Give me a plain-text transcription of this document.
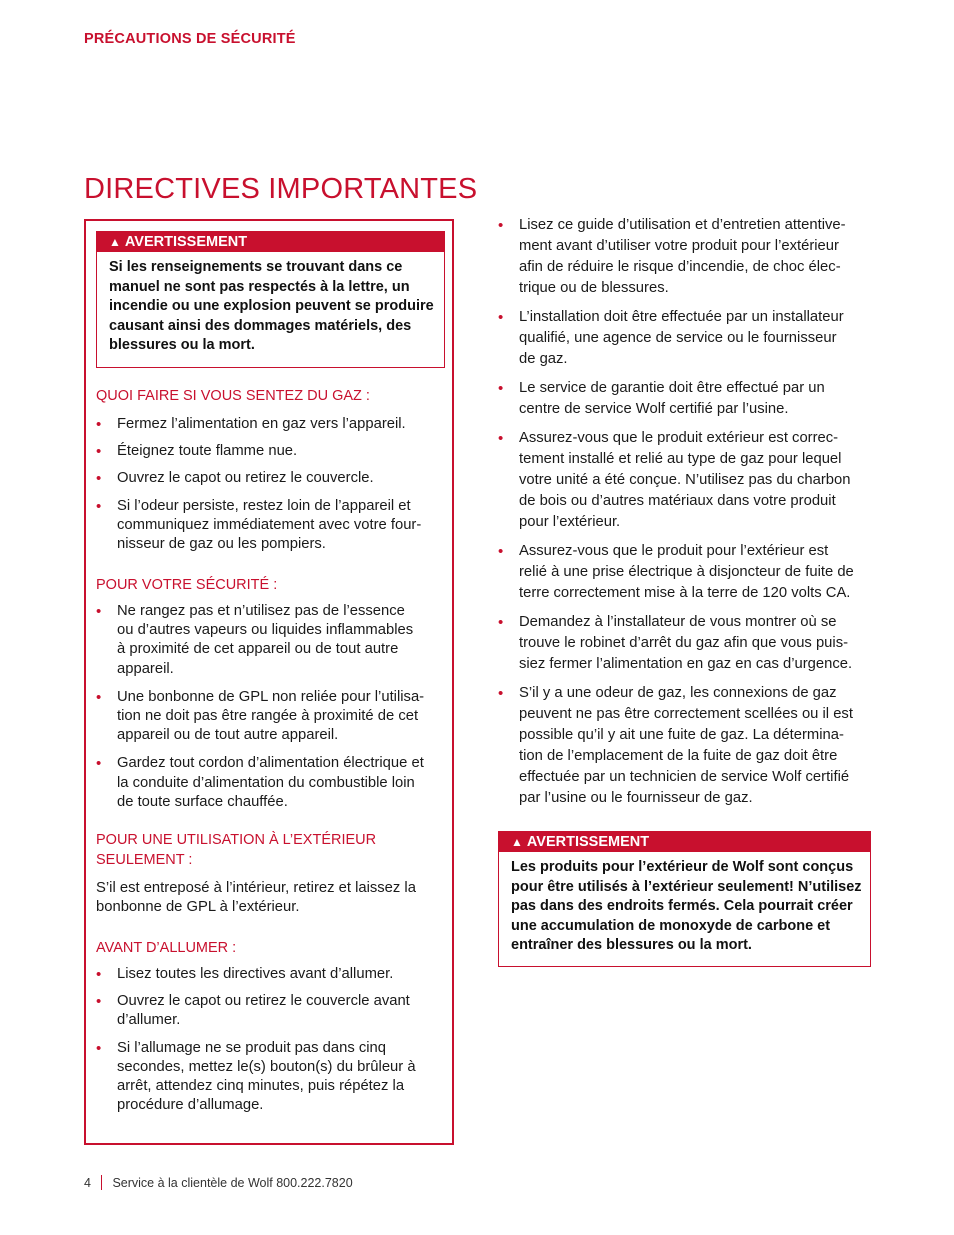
PRÉCAUTIONS DE SÉCURITÉ
DIRECTIVES IMPORTANTES
▲ AVERTISSEMENT
Si les renseignements se trouvant dans ce
manuel ne sont pas respectés à la lettre, un
incendie ou une explosion peuvent se produire
causant ainsi des dommages matériels, des
blessures ou la mort.
QUOI FAIRE SI VOUS SENTEZ DU GAZ :
• Fermez l’alimentation en gaz vers l’appareil.
• Éteignez toute flamme nue.
• Ouvrez le capot ou retirez le couvercle.
• Si l’odeur persiste, restez loin de l’appareil et
communiquez immédiatement avec votre four-
nisseur de gaz ou les pompiers.
POUR VOTRE SÉCURITÉ :
• Ne rangez pas et n’utilisez pas de l’essence
ou d’autres vapeurs ou liquides inflammables
à proximité de cet appareil ou de tout autre
appareil.
• Une bonbonne de GPL non reliée pour l’utilisa-
tion ne doit pas être rangée à proximité de cet
appareil ou de tout autre appareil.
• Gardez tout cordon d’alimentation électrique et
la conduite d’alimentation du combustible loin
de toute surface chauffée.
POUR UNE UTILISATION À L’EXTÉRIEUR
SEULEMENT :
S’il est entreposé à l’intérieur, retirez et laissez la
bonbonne de GPL à l’extérieur.
AVANT D’ALLUMER :
• Lisez toutes les directives avant d’allumer.
• Ouvrez le capot ou retirez le couvercle avant
d’allumer.
• Si l’allumage ne se produit pas dans cinq
secondes, mettez le(s) bouton(s) du brûleur à
arrêt, attendez cinq minutes, puis répétez la
procédure d’allumage.
• Lisez ce guide d’utilisation et d’entretien attentive-
ment avant d’utiliser votre produit pour l’extérieur
afin de réduire le risque d’incendie, de choc élec-
trique ou de blessures.
• L’installation doit être effectuée par un installateur
qualifié, une agence de service ou le fournisseur
de gaz.
• Le service de garantie doit être effectué par un
centre de service Wolf certifié par l’usine.
• Assurez-vous que le produit extérieur est correc-
tement installé et relié au type de gaz pour lequel
votre unité a été conçue. N’utilisez pas du charbon
de bois ou d’autres matériaux dans votre produit
pour l’extérieur.
• Assurez-vous que le produit pour l’extérieur est
relié à une prise électrique à disjoncteur de fuite de
terre correctement mise à la terre de 120 volts CA.
• Demandez à l’installateur de vous montrer où se
trouve le robinet d’arrêt du gaz afin que vous puis-
siez fermer l’alimentation en gaz en cas d’urgence.
• S’il y a une odeur de gaz, les connexions de gaz
peuvent ne pas être correctement scellées ou il est
possible qu’il y ait une fuite de gaz. La détermina-
tion de l’emplacement de la fuite de gaz doit être
effectuée par un technicien de service Wolf certifié
par l’usine ou le fournisseur de gaz.
▲ AVERTISSEMENT
Les produits pour l’extérieur de Wolf sont conçus
pour être utilisés à l’extérieur seulement! N’utilisez
pas dans des endroits fermés. Cela pourrait créer
une accumulation de monoxyde de carbone et
entraîner des blessures ou la mort.
4 Service à la clientèle de Wolf 800.222.7820
